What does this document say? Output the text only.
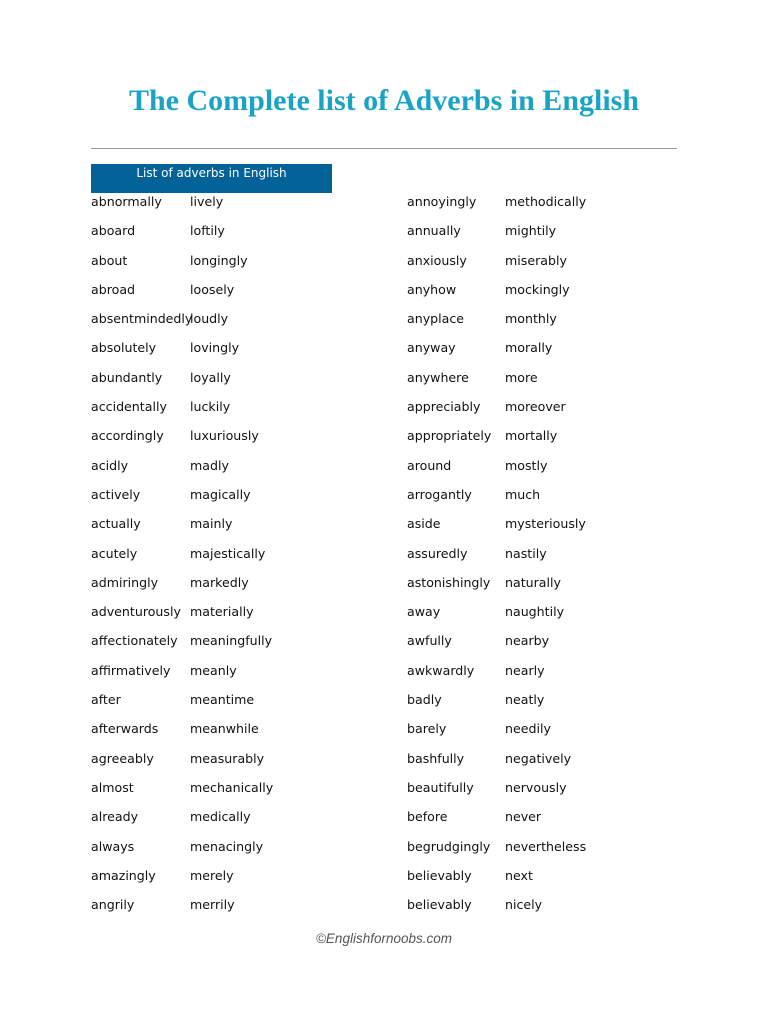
The Complete list of Adverbs in English
List of adverbs in English
abnormally
aboard
about
abroad
absentmindedly
absolutely
abundantly
accidentally
accordingly
acidly
actively
actually
acutely
admiringly
adventurously
affectionately
affirmatively
after
afterwards
agreeably
almost
already
always
amazingly
angrily
lively
loftily
longingly
loosely
loudly
lovingly
loyally
luckily
luxuriously
madly
magically
mainly
majestically
markedly
materially
meaningfully
meanly
meantime
meanwhile
measurably
mechanically
medically
menacingly
merely
merrily
annoyingly
annually
anxiously
anyhow
anyplace
anyway
anywhere
appreciably
appropriately
around
arrogantly
aside
assuredly
astonishingly
away
awfully
awkwardly
badly
barely
bashfully
beautifully
before
begrudgingly
believably
believably
methodically
mightily
miserably
mockingly
monthly
morally
more
moreover
mortally
mostly
much
mysteriously
nastily
naturally
naughtily
nearby
nearly
neatly
needily
negatively
nervously
never
nevertheless
next
nicely
©Englishfornoobs.com
